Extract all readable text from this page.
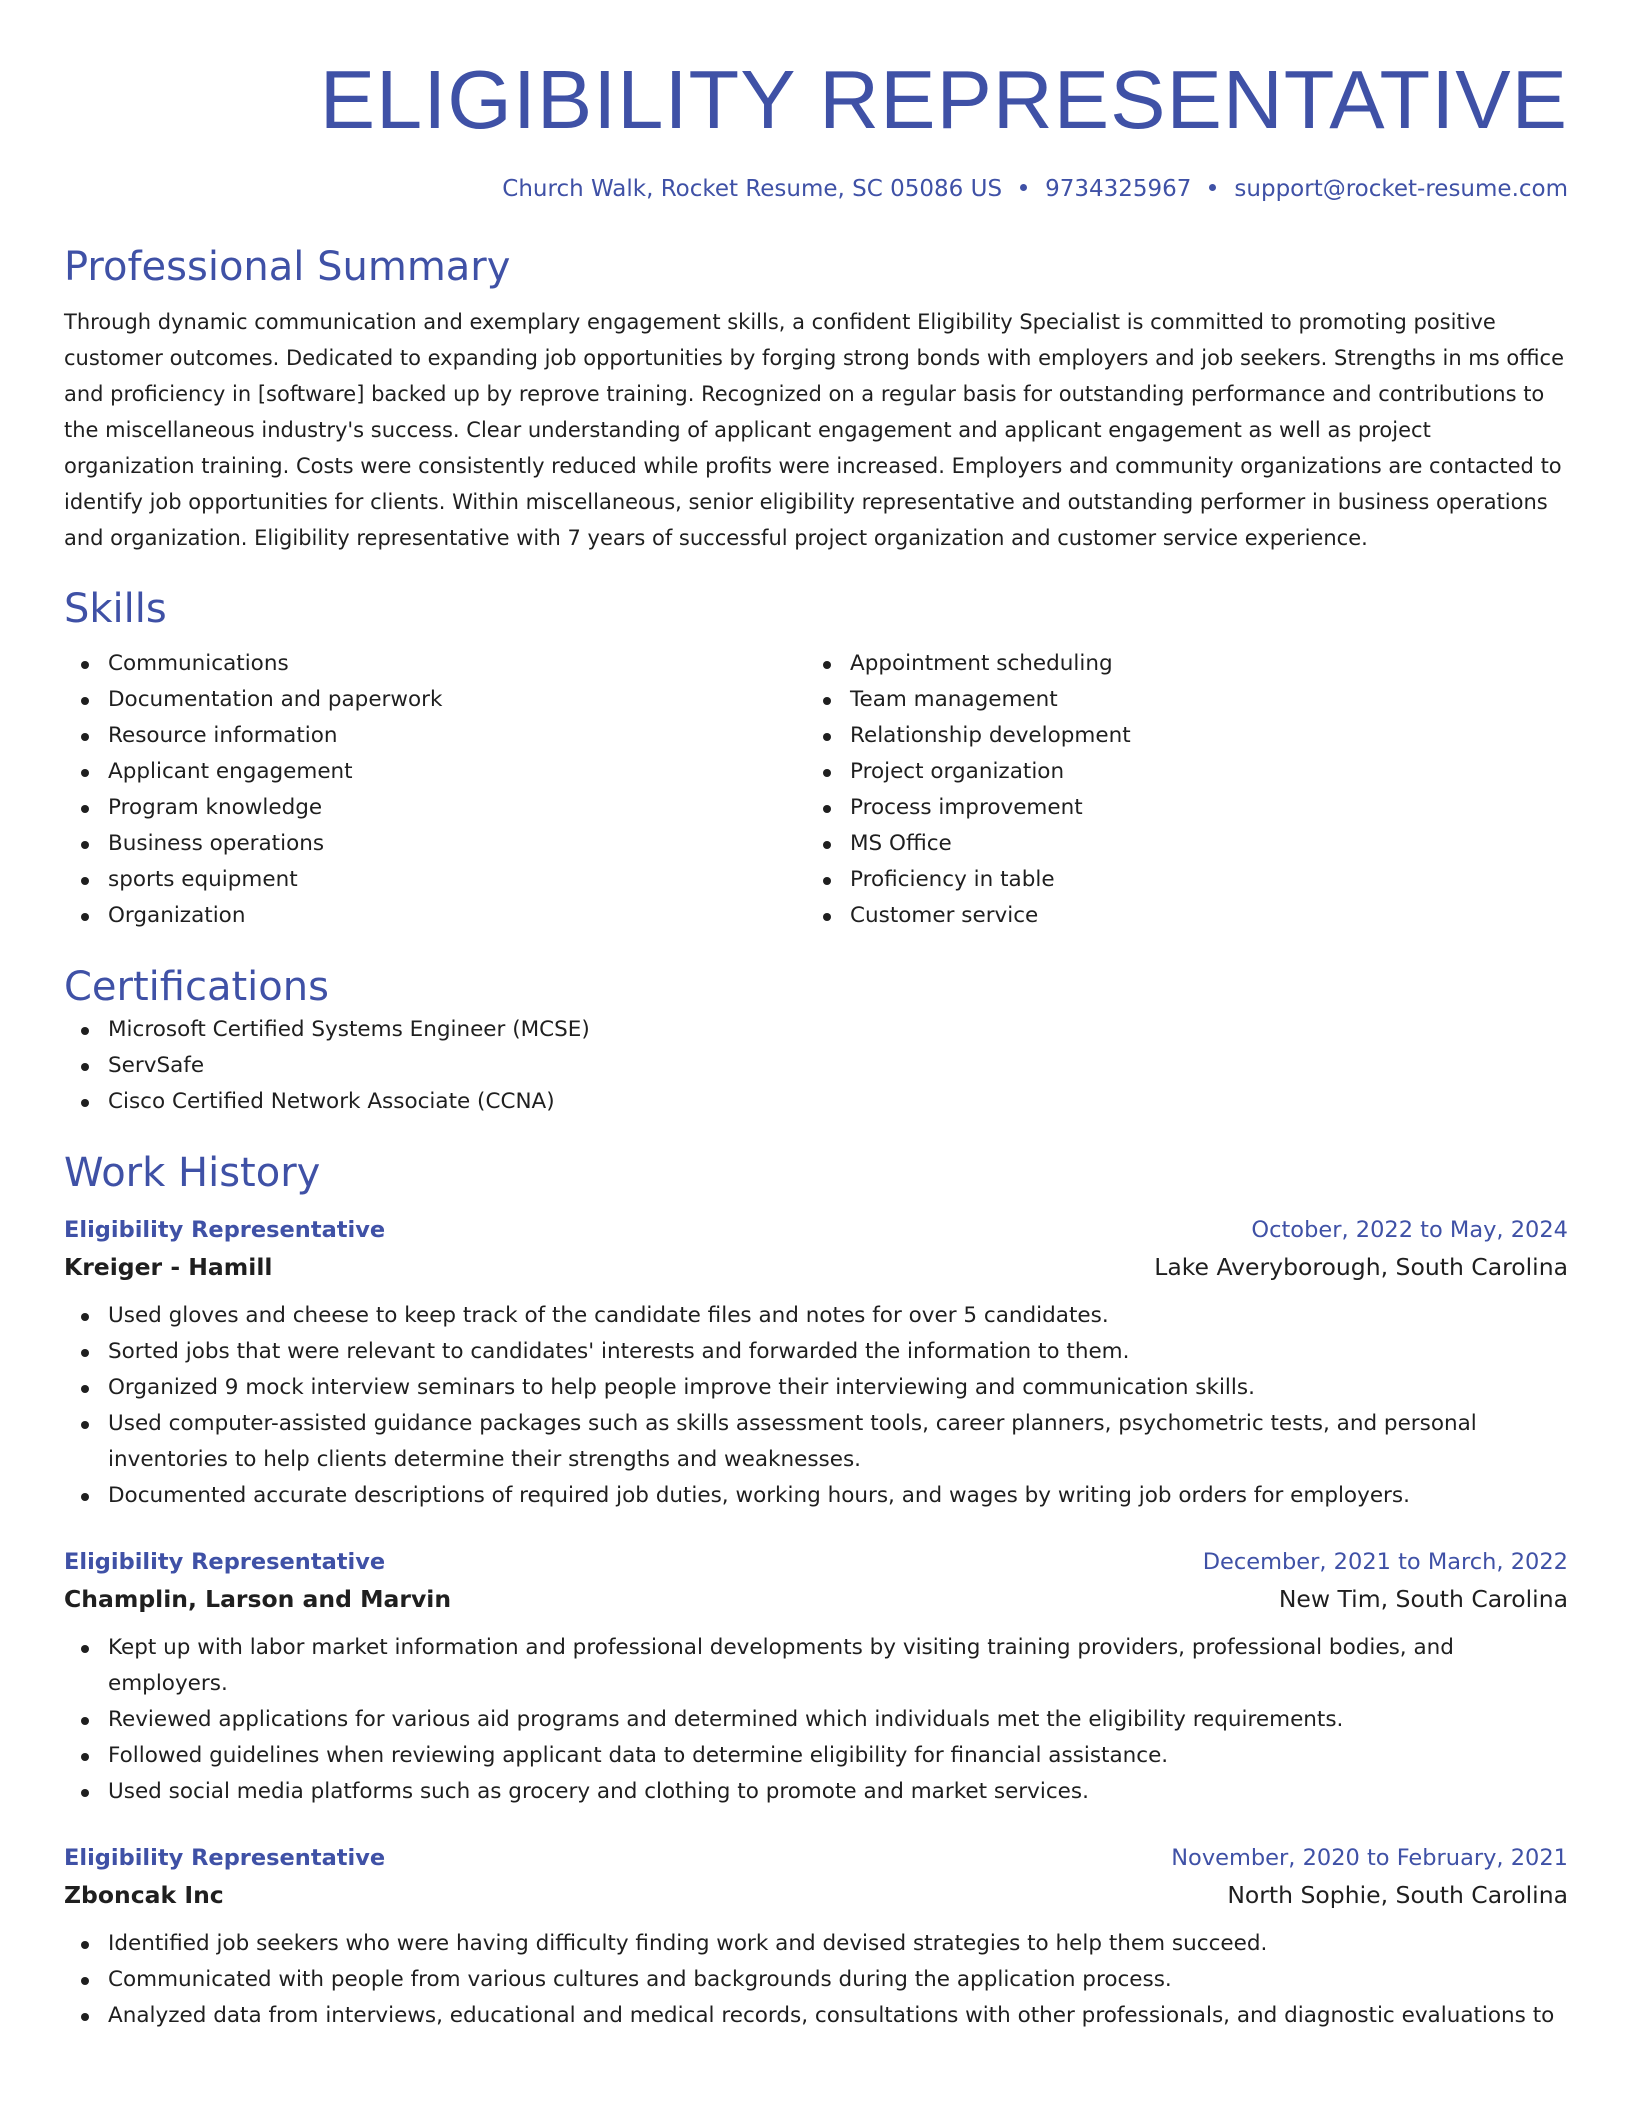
ELIGIBILITY REPRESENTATIVE
Church Walk, Rocket Resume, SC 05086 US 9734325967 support@rocket-resume.com
Professional Summary

Through dynamic communication and exemplary engagement skills, a confident Eligibility Specialist is committed to promoting positive customer outcomes. Dedicated to expanding job opportunities by forging strong bonds with employers and job seekers. Strengths in ms office and proficiency in [software] backed up by reprove training. Recognized on a regular basis for outstanding performance and contributions to the miscellaneous industry's success. Clear understanding of applicant engagement and applicant engagement as well as project organization training. Costs were consistently reduced while profits were increased. Employers and community organizations are contacted to identify job opportunities for clients. Within miscellaneous, senior eligibility representative and outstanding performer in business operations and organization. Eligibility representative with 7 years of successful project organization and customer service experience.

Skills
Communications
Documentation and paperwork
Resource information
Applicant engagement
Program knowledge
Business operations
sports equipment
Organization
Appointment scheduling
Team management
Relationship development
Project organization
Process improvement
MS Office
Proficiency in table
Customer service
Certifications
Microsoft Certified Systems Engineer (MCSE)
ServSafe
Cisco Certified Network Associate (CCNA)
Work History
Eligibility Representative	October, 2022 to May, 2024
Kreiger - Hamill	Lake Averyborough, South Carolina
Used gloves and cheese to keep track of the candidate files and notes for over 5 candidates.
Sorted jobs that were relevant to candidates' interests and forwarded the information to them.
Organized 9 mock interview seminars to help people improve their interviewing and communication skills.
Used computer-assisted guidance packages such as skills assessment tools, career planners, psychometric tests, and personal inventories to help clients determine their strengths and weaknesses.
Documented accurate descriptions of required job duties, working hours, and wages by writing job orders for employers.
Eligibility Representative	December, 2021 to March, 2022
Champlin, Larson and Marvin	New Tim, South Carolina
Kept up with labor market information and professional developments by visiting training providers, professional bodies, and employers.
Reviewed applications for various aid programs and determined which individuals met the eligibility requirements.
Followed guidelines when reviewing applicant data to determine eligibility for financial assistance.
Used social media platforms such as grocery and clothing to promote and market services.
Eligibility Representative	November, 2020 to February, 2021
Zboncak Inc	North Sophie, South Carolina
Identified job seekers who were having difficulty finding work and devised strategies to help them succeed.
Communicated with people from various cultures and backgrounds during the application process.
Analyzed data from interviews, educational and medical records, consultations with other professionals, and diagnostic evaluations to
